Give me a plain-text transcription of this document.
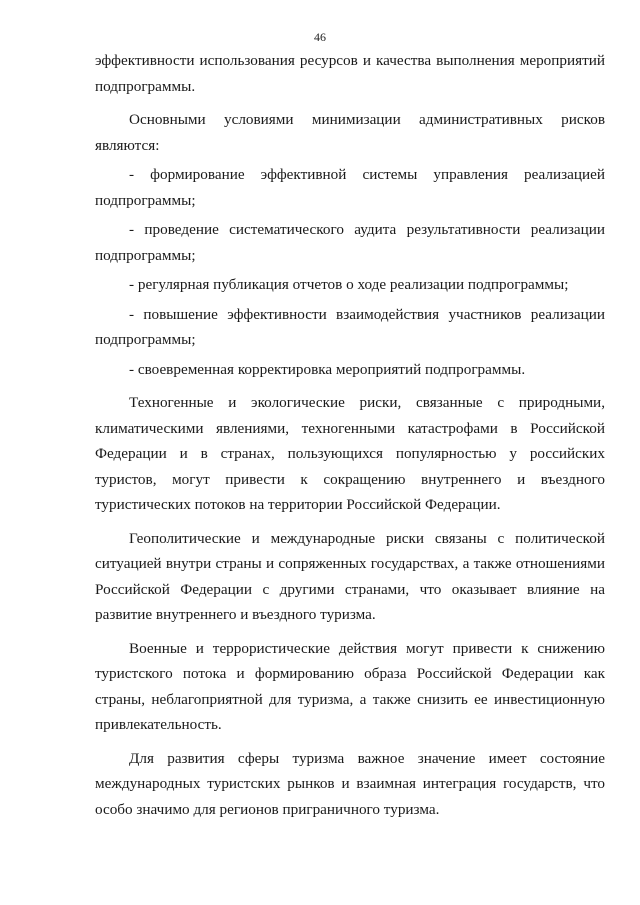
46

эффективности использования ресурсов и качества выполнения мероприятий подпрограммы.

Основными условиями минимизации административных рисков являются:

- формирование эффективной системы управления реализацией подпрограммы;

- проведение систематического аудита результативности реализации подпрограммы;

- регулярная публикация отчетов о ходе реализации подпрограммы;

- повышение эффективности взаимодействия участников реализации подпрограммы;

- своевременная корректировка мероприятий подпрограммы.

Техногенные и экологические риски, связанные с природными, климатическими явлениями, техногенными катастрофами в Российской Федерации и в странах, пользующихся популярностью у российских туристов, могут привести к сокращению внутреннего и въездного туристических потоков на территории Российской Федерации.

Геополитические и международные риски связаны с политической ситуацией внутри страны и сопряженных государствах, а также отношениями Российской Федерации с другими странами, что оказывает влияние на развитие внутреннего и въездного туризма.

Военные и террористические действия могут привести к снижению туристского потока и формированию образа Российской Федерации как страны, неблагоприятной для туризма, а также снизить ее инвестиционную привлекательность.

Для развития сферы туризма важное значение имеет состояние международных туристских рынков и взаимная интеграция государств, что особо значимо для регионов приграничного туризма.
